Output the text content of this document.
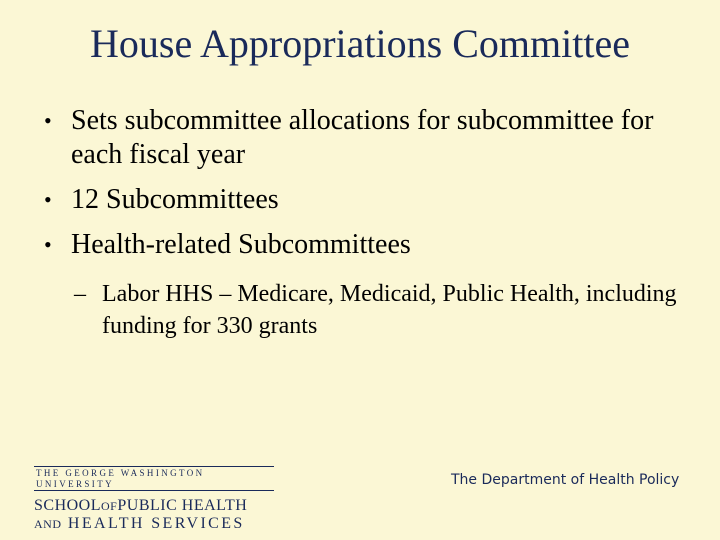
House Appropriations Committee
• Sets subcommittee allocations for subcommittee for each fiscal year
• 12 Subcommittees
• Health-related Subcommittees
– Labor HHS – Medicare, Medicaid, Public Health, including funding for 330 grants
THE GEORGE WASHINGTON UNIVERSITY
SCHOOLOFPUBLIC HEALTH
AND HEALTH SERVICES
The Department of Health Policy
